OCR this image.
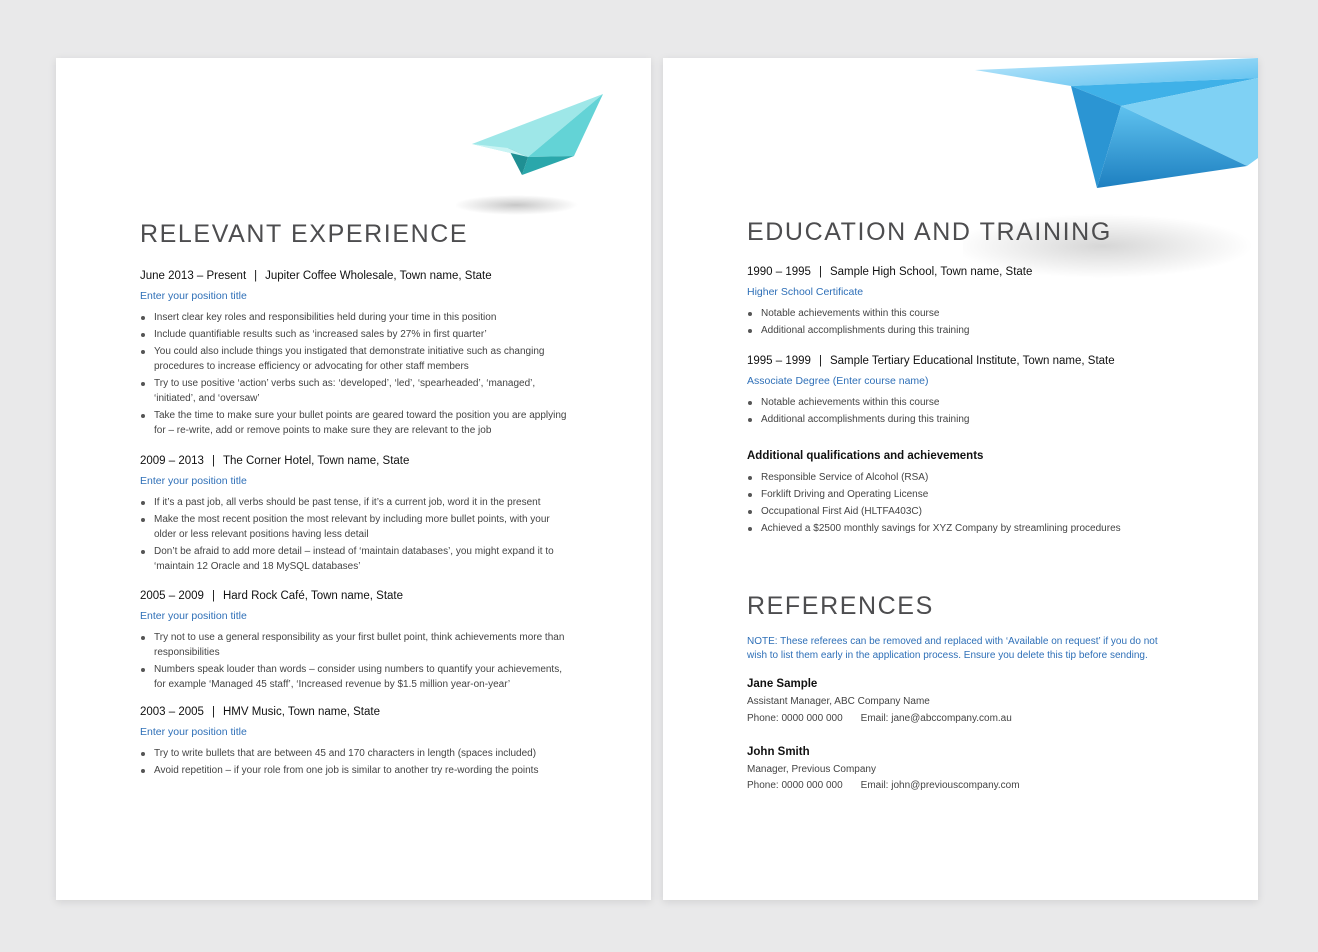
RELEVANT EXPERIENCE

June 2013 – Present | Jupiter Coffee Wholesale, Town name, State

Enter your position title

Insert clear key roles and responsibilities held during your time in this position
Include quantifiable results such as ‘increased sales by 27% in first quarter’
You could also include things you instigated that demonstrate initiative such as changing procedures to increase efficiency or advocating for other staff members
Try to use positive ‘action’ verbs such as: ‘developed’, ‘led’, ‘spearheaded’, ‘managed’, ‘initiated’, and ‘oversaw’
Take the time to make sure your bullet points are geared toward the position you are applying for – re-write, add or remove points to make sure they are relevant to the job

2009 – 2013 | The Corner Hotel, Town name, State

Enter your position title

If it’s a past job, all verbs should be past tense, if it’s a current job, word it in the present
Make the most recent position the most relevant by including more bullet points, with your older or less relevant positions having less detail
Don’t be afraid to add more detail – instead of ‘maintain databases’, you might expand it to ‘maintain 12 Oracle and 18 MySQL databases’

2005 – 2009 | Hard Rock Café, Town name, State

Enter your position title

Try not to use a general responsibility as your first bullet point, think achievements more than responsibilities
Numbers speak louder than words – consider using numbers to quantify your achievements, for example ‘Managed 45 staff’, ‘Increased revenue by $1.5 million year-on-year’

2003 – 2005 | HMV Music, Town name, State

Enter your position title

Try to write bullets that are between 45 and 170 characters in length (spaces included)
Avoid repetition – if your role from one job is similar to another try re-wording the points
EDUCATION AND TRAINING

1990 – 1995 | Sample High School, Town name, State

Higher School Certificate

Notable achievements within this course
Additional accomplishments during this training

1995 – 1999 | Sample Tertiary Educational Institute, Town name, State

Associate Degree (Enter course name)

Notable achievements within this course
Additional accomplishments during this training

Additional qualifications and achievements

Responsible Service of Alcohol (RSA)
Forklift Driving and Operating License
Occupational First Aid (HLTFA403C)
Achieved a $2500 monthly savings for XYZ Company by streamlining procedures
REFERENCES

NOTE: These referees can be removed and replaced with ‘Available on request’ if you do not wish to list them early in the application process. Ensure you delete this tip before sending.

Jane Sample

Assistant Manager, ABC Company Name

Phone: 0000 000 000 Email: jane@abccompany.com.au

John Smith

Manager, Previous Company

Phone: 0000 000 000 Email: john@previouscompany.com
